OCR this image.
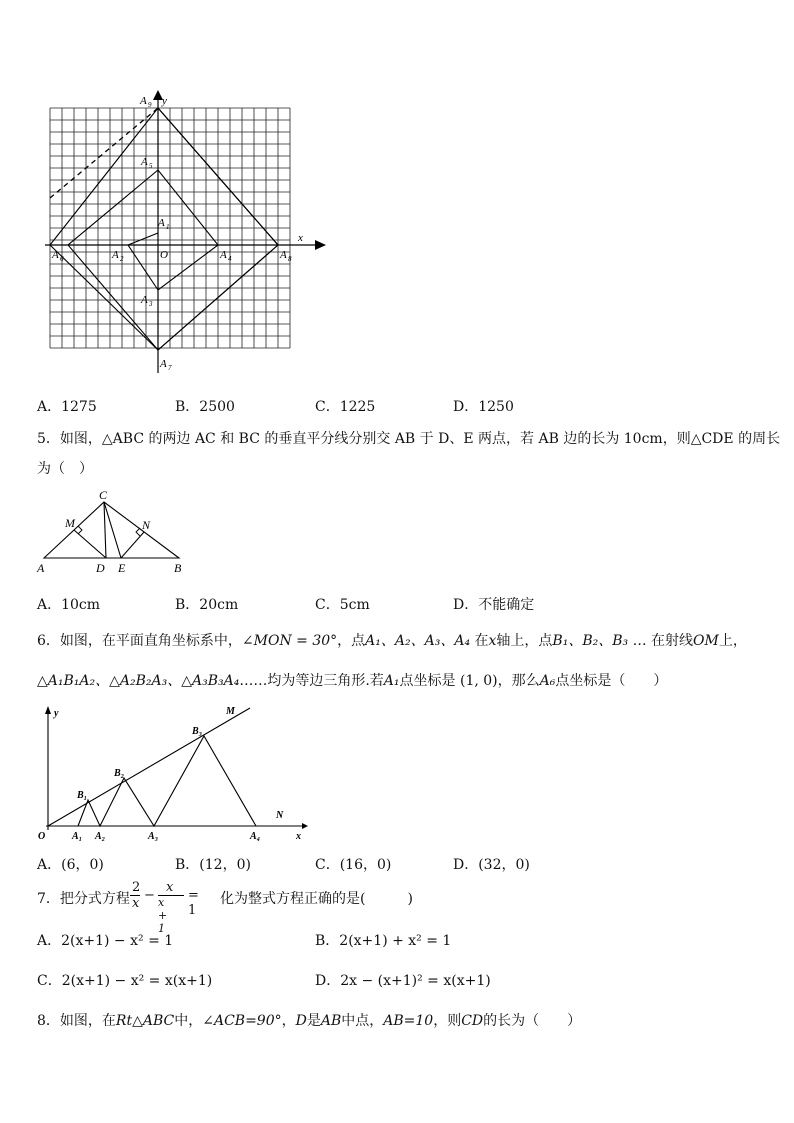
A 9 y
A 5
A 1
A 2	O	A 4
A 3
A 6	A 8
A 7
x
A．1275	B．2500	C．1225	D．1250
5．如图，△ABC 的两边 AC 和 BC 的垂直平分线分别交 AB 于 D、E 两点，若 AB 边的长为 10cm，则△CDE 的周长
为（　）
C
M	N
A	D E	B
A．10cm	B．20cm	C．5cm	D．不能确定
6．如图，在平面直角坐标系中，∠MON = 30°，点A₁、A₂、A₃、A₄ 在x轴上，点B₁、B₂、B₃ … 在射线OM上，
△A₁B₁A₂、△A₂B₂A₃、△A₃B₃A₄……均为等边三角形.若A₁点坐标是 (1, 0)，那么A₆点坐标是（　　）
y	M
B₃
B₂
B₁
N
O	A₁ A₂	A₃	A₄	x
A．(6，0)	B．(12，0)	C．(16，0)	D．(32，0)
7．把分式方程
2
x
−
x
x + 1
= 1
化为整式方程正确的是(　　　)
A．2(x+1) − x² = 1	B．2(x+1) + x² = 1
C．2(x+1) − x² = x(x+1)	D．2x − (x+1)² = x(x+1)
8．如图，在Rt△ABC中，∠ACB=90°，D是AB中点，AB=10，则CD的长为（　　）
